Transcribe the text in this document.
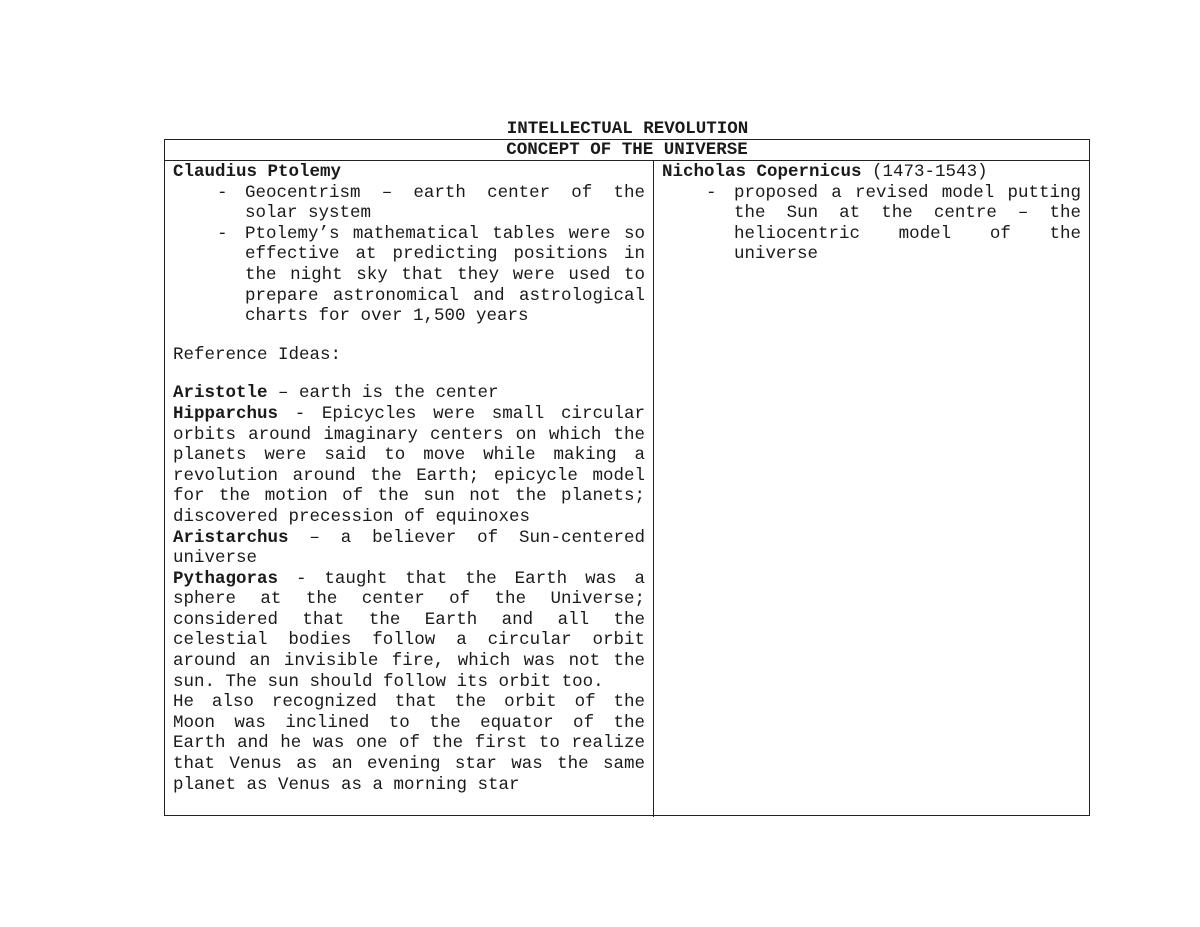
INTELLECTUAL REVOLUTION
CONCEPT OF THE UNIVERSE
Claudius Ptolemy
- Geocentrism – earth center of the solar system
- Ptolemy’s mathematical tables were so effective at predicting positions in the night sky that they were used to prepare astronomical and astrological charts for over 1,500 years
Reference Ideas:
Aristotle – earth is the center
Hipparchus - Epicycles were small circular orbits around imaginary centers on which the planets were said to move while making a revolution around the Earth; epicycle model for the motion of the sun not the planets; discovered precession of equinoxes
Aristarchus – a believer of Sun-centered universe
Pythagoras - taught that the Earth was a sphere at the center of the Universe; considered that the Earth and all the celestial bodies follow a circular orbit around an invisible fire, which was not the sun. The sun should follow its orbit too.
He also recognized that the orbit of the Moon was inclined to the equator of the Earth and he was one of the first to realize that Venus as an evening star was the same planet as Venus as a morning star
Nicholas Copernicus (1473-1543)
- proposed a revised model putting the Sun at the centre – the heliocentric model of the universe
